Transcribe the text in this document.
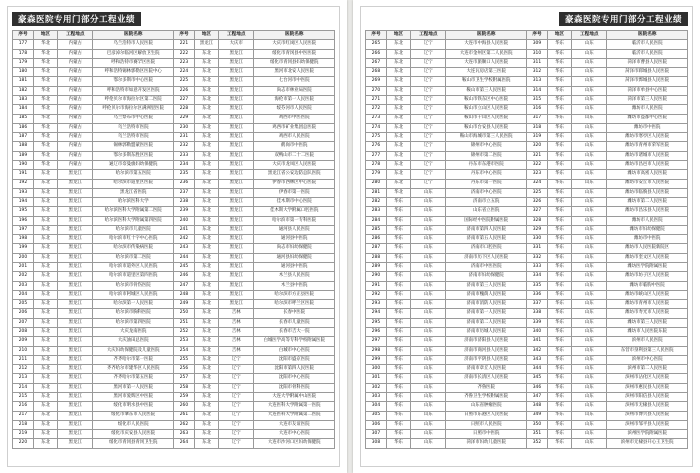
豪森医院专用门部分工程业绩
序号	地区	工程地点	医院名称	序号	地区	工程地点	医院名称
177	华北	内蒙古	乌兰浩特市人民医院	221	黑龙江	大庆市	大庆市红岗区人民医院
178	华北	内蒙古	巴彦淖尔临河区解放卫生院	222	东北	黑龙江	绥化市青冈县中医医院
179	华北	内蒙古	呼和浩特市赛罕区医院	223	东北	黑龙江	绥化市青冈县妇幼保健院
180	华北	内蒙古	呼和浩特锡林郭勒区医院中心	224	东北	黑龙江	黑河市北安人民医院
181	华北	内蒙古	鄂尔多斯市中心医院	225	东北	黑龙江	七台河市中医院
182	华北	内蒙古	呼和浩特市如意开发区医院	226	东北	黑龙江	尚志市林业局医院
183	华北	内蒙古	呼伦贝尔市海拉尔区第二医院	227	东北	黑龙江	海伦市第一人民医院
184	华北	内蒙古	呼伦贝尔市海拉尔区满洲里医院	228	东北	黑龙江	绥芬河市人民医院
185	华北	内蒙古	乌兰察布市中心医院	229	东北	黑龙江	鸡西市中医医院
186	华北	内蒙古	乌兰浩特市医院	230	东北	黑龙江	鸡西市矿业集团总医院
187	华北	内蒙古	乌兰浩特市医院	231	东北	黑龙江	鸡西市人民医院
188	华北	内蒙古	锡林郭勒盟蒙医医院	232	东北	黑龙江	鹤岗市中医院
189	华北	内蒙古	鄂尔多斯东胜区医院	233	东北	黑龙江	双鸭山市二十二医院
190	华北	内蒙古	通辽市奈曼旗妇幼保健院	234	东北	黑龙江	大庆市龙凤区人民医院
191	东北	黑龙江	哈尔滨市第五医院	235	东北	黑龙江	黑龙江省公安边防总队医院
192	东北	黑龙江	哈尔滨市道里区医院	236	东北	黑龙江	伊春市西林区中心医院
193	东北	黑龙江	黑龙江省医院	237	东北	黑龙江	伊春市第一医院
194	东北	黑龙江	哈尔滨医科大学	238	东北	黑龙江	佳木斯市中心医院
195	东北	黑龙江	哈尔滨医科大学附属第二医院	239	东北	黑龙江	佳木斯大学附属口腔医院
196	东北	黑龙江	哈尔滨医科大学附属第四医院	240	东北	黑龙江	哈尔滨市第一专科医院
197	东北	黑龙江	哈尔滨市儿童医院	241	东北	黑龙江	通河县人民医院
198	东北	黑龙江	哈尔滨市红十字中心医院	242	东北	黑龙江	通河县中医院
199	东北	黑龙江	哈尔滨市传染病医院	243	东北	黑龙江	尚志市妇幼保健院
200	东北	黑龙江	哈尔滨市第二医院	244	东北	黑龙江	通河县妇幼保健院
201	东北	黑龙江	哈尔滨市道外区人民医院	245	东北	黑龙江	通河县中医院
202	东北	黑龙江	哈尔滨市道里区第四医院	246	东北	黑龙江	木兰县人民医院
203	东北	黑龙江	哈尔滨市骨伤医院	247	东北	黑龙江	木兰县中医院
204	东北	黑龙江	哈尔滨市阿城区人民医院	248	东北	黑龙江	哈尔滨市方正县医院
205	东北	黑龙江	哈尔滨第一人民医院	249	东北	黑龙江	哈尔滨市呼兰区医院
206	东北	黑龙江	哈尔滨市胸科医院	250	东北	吉林	长春中医院
207	东北	黑龙江	哈尔滨市第四医院	251	东北	吉林	长春市儿童医院
208	东北	黑龙江	大庆龙南医院	252	东北	吉林	长春市吉大一院
209	东北	黑龙江	大庆油田总医院	253	东北	吉林	白城医学高等专科学校附属医院
210	东北	黑龙江	大庆妇幼保健院及儿童医院	254	东北	吉林	白城市中心医院
211	东北	黑龙江	齐齐哈尔市第一医院	255	东北	辽宁	沈阳市盛京医院
212	东北	黑龙江	齐齐哈尔市建华区人民医院	256	东北	辽宁	沈阳市第四人民医院
213	东北	黑龙江	齐齐哈尔市第五医院	257	东北	辽宁	沈阳市中心医院
214	东北	黑龙江	黑河市第一人民医院	258	东北	辽宁	沈阳市骨科医院
215	东北	黑龙江	黑河市爱辉区中医院	259	东北	辽宁	大连大学附属中山医院
216	东北	黑龙江	绥化市明水县中医院	260	东北	辽宁	大连医科大学附属第一医院
217	东北	黑龙江	绥化市肇东市人民医院	261	东北	辽宁	大连医科大学附属第二医院
218	东北	黑龙江	绥化市人民医院	262	东北	辽宁	大连市友谊医院
219	东北	黑龙江	绥化市庆安县人民医院	263	东北	辽宁	大连市中心医院
220	东北	黑龙江	绥化市青冈县青冈卫生院	264	东北	辽宁	大连市沙河口区妇幼保健院
豪森医院专用门部分工程业绩
序号	地区	工程地点	医院名称	序号	地区	工程地点	医院名称
265	东北	辽宁	大连市中海县人民医院	309	华东	山东	临沂市人民医院
266	东北	辽宁	大连市金州区第二人民医院	310	华东	山东	临沂市人民医院
267	东北	辽宁	大连市旅顺口人民医院	311	华东	山东	菏泽市曹县人民医院
268	东北	辽宁	大连瓦房店第三医院	312	华东	山东	菏泽市郓城县人民医院
269	东北	辽宁	鞍山市卫生学校附属医院	313	华东	山东	菏泽市鄄城县人民医院
270	东北	辽宁	鞍山市第三人民医院	314	华东	山东	菏泽市单县中心医院
271	东北	辽宁	鞍山市铁东区中心医院	315	华东	山东	菏泽市第三人民医院
272	东北	辽宁	鞍山市立山区人民医院	316	华东	山东	潍坊市人民医院
273	东北	辽宁	鞍山市千山区人民医院	317	华东	山东	潍坊市益都中心医院
274	东北	辽宁	鞍山市台安县人民医院	318	华东	山东	潍坊市中医院
275	东北	辽宁	鞍山市海城市第三人民医院	319	华东	山东	潍坊市寒亭区人民医院
276	东北	辽宁	锦州市中心医院	320	华东	山东	潍坊市青州市荣军医院
277	东北	辽宁	锦州市第二医院	321	华东	山东	潍坊市诸城市人民医院
278	东北	辽宁	丹东市东港市医院	322	华东	山东	潍坊市昌邑市人民医院
279	东北	辽宁	丹东市中心医院	323	华东	山东	潍坊市高密人民医院
280	东北	辽宁	丹东市第一医院	324	华东	山东	潍坊市安丘市人民医院
281	华北	山东	济南市中心医院	325	华东	山东	潍坊市临朐县人民医院
282	华东	山东	济南市立五院	326	华东	山东	潍坊市第二人民医院
283	华东	山东	山东省立医院	327	华东	山东	潍坊市昌乐县人民医院
284	华东	山东	国际经中医院附属医院	328	华东	山东	潍坊市人民医院
285	华东	山东	济南市第四人民医院	329	华东	山东	潍坊市妇幼保健院
286	华东	山东	济南市第五人民医院	330	华东	山东	潍坊市中医院
287	华东	山东	济南市口腔医院	331	华东	山东	潍坊市人民医院新院区
288	华东	山东	济南市历下区人民医院	332	华东	山东	潍坊市奎文区人民医院
289	华东	山东	济南市中医医院	333	华东	山东	潍坊医学院附属医院
290	华东	山东	济南市妇幼保健院	334	华东	山东	潍坊市坊子区人民医院
291	华东	山东	济南市第三人民医院	335	华东	山东	潍坊市临朐中医院
292	华东	山东	济南市槐荫人民医院	336	华东	山东	潍坊市峡山区人民医院
293	华东	山东	济南市消防人民医院	337	华东	山东	潍坊市青州市人民医院
294	华东	山东	济南市第一人民医院	338	华东	山东	潍坊市寿光市人民医院
295	华东	山东	济南市第二人民医院	339	华东	山东	潍坊市第三人民医院
296	华东	山东	济南市历城人民医院	340	华东	山东	潍坊市人民医院东院
297	华东	山东	济南市济阳县人民医院	341	华东	山东	滨州市人民医院
298	华东	山东	济南市商河县人民医院	342	华东	山东	东营市垦利县第三人民医院
299	华东	山东	济南市平阴县人民医院	343	华东	山东	滨州市中心医院
300	华东	山东	济南市章丘人民医院	344	华东	山东	滨州市第二人民医院
301	华东	山东	济南市长清区人民医院	345	华东	山东	滨州市沾化区人民医院
302	华东	山东	齐鲁医院	346	华东	山东	滨州市惠民县人民医院
303	华东	山东	齐鲁卫生学校附属医院	347	华东	山东	滨州市阳信县人民医院
304	华东	山东	山东省肿瘤医院	348	华东	山东	滨州市无棣县人民医院
305	华东	山东	日照市东港区人民医院	349	华东	山东	滨州市博兴县人民医院
306	华东	山东	日照市人民医院	350	华东	山东	滨州市邹平县人民医院
307	华东	山东	日照市中医院	351	华东	山东	滨州医学院附属医院
308	华东	山东	菏泽市妇幼儿童医院	352	华东	山东	滨州市无棣县开心王卫生院
